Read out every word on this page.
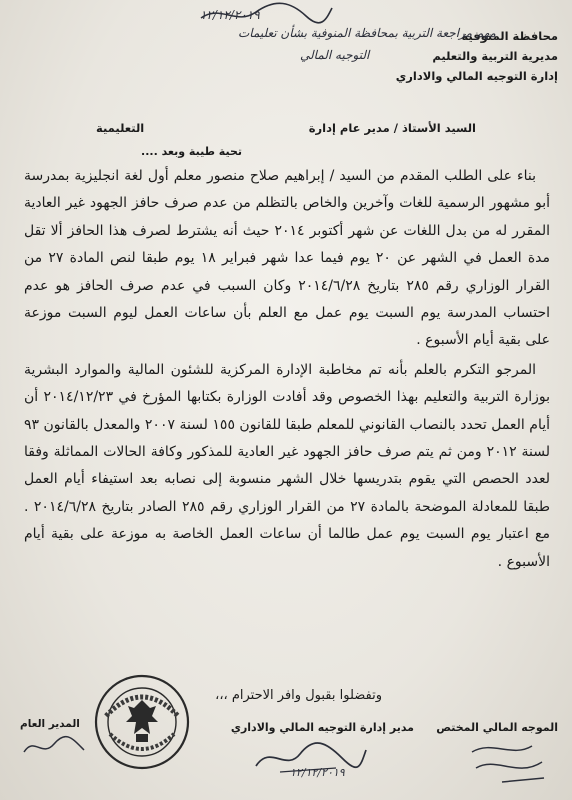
محافظة المنوفية
مديرية التربية والتعليم
إدارة التوجيه المالي والاداري
١٢/١٢/٢٠١٩
مهم مراجعة التربية بمحافظة المنوفية بشأن تعليمات
التوجيه المالي
السيد الأستاذ / مدير عام إدارة
التعليمية
تحية طيبة وبعد ....

بناء على الطلب المقدم من السيد / إبراهيم صلاح منصور معلم أول لغة انجليزية بمدرسة أبو مشهور الرسمية للغات وآخرين والخاص بالتظلم من عدم صرف حافز الجهود غير العادية المقرر له من بدل اللغات عن شهر أكتوبر ٢٠١٤ حيث أنه يشترط لصرف هذا الحافز ألا تقل مدة العمل في الشهر عن ٢٠ يوم فيما عدا شهر فبراير ١٨ يوم طبقا لنص المادة ٢٧ من القرار الوزاري رقم ٢٨٥ بتاريخ ٢٠١٤/٦/٢٨ وكان السبب في عدم صرف الحافز هو عدم احتساب المدرسة يوم السبت يوم عمل مع العلم بأن ساعات العمل ليوم السبت موزعة على بقية أيام الأسبوع .

المرجو التكرم بالعلم بأنه تم مخاطبة الإدارة المركزية للشئون المالية والموارد البشرية بوزارة التربية والتعليم بهذا الخصوص وقد أفادت الوزارة بكتابها المؤرخ في ٢٠١٤/١٢/٢٣ أن أيام العمل تحدد بالنصاب القانوني للمعلم طبقا للقانون ١٥٥ لسنة ٢٠٠٧ والمعدل بالقانون ٩٣ لسنة ٢٠١٢ ومن ثم يتم صرف حافز الجهود غير العادية للمذكور وكافة الحالات المماثلة وفقا لعدد الحصص التي يقوم بتدريسها خلال الشهر منسوبة إلى نصابه بعد استيفاء أيام العمل طبقا للمعادلة الموضحة بالمادة ٢٧ من القرار الوزاري رقم ٢٨٥ الصادر بتاريخ ٢٠١٤/٦/٢٨ . مع اعتبار يوم السبت يوم عمل طالما أن ساعات العمل الخاصة به موزعة على بقية أيام الأسبوع .

وتفضلوا بقبول وافر الاحترام ،،،
الموجه المالي المختص
مدير إدارة التوجيه المالي والاداري
المدير العام
١٢/١٢/٢٠١٩
